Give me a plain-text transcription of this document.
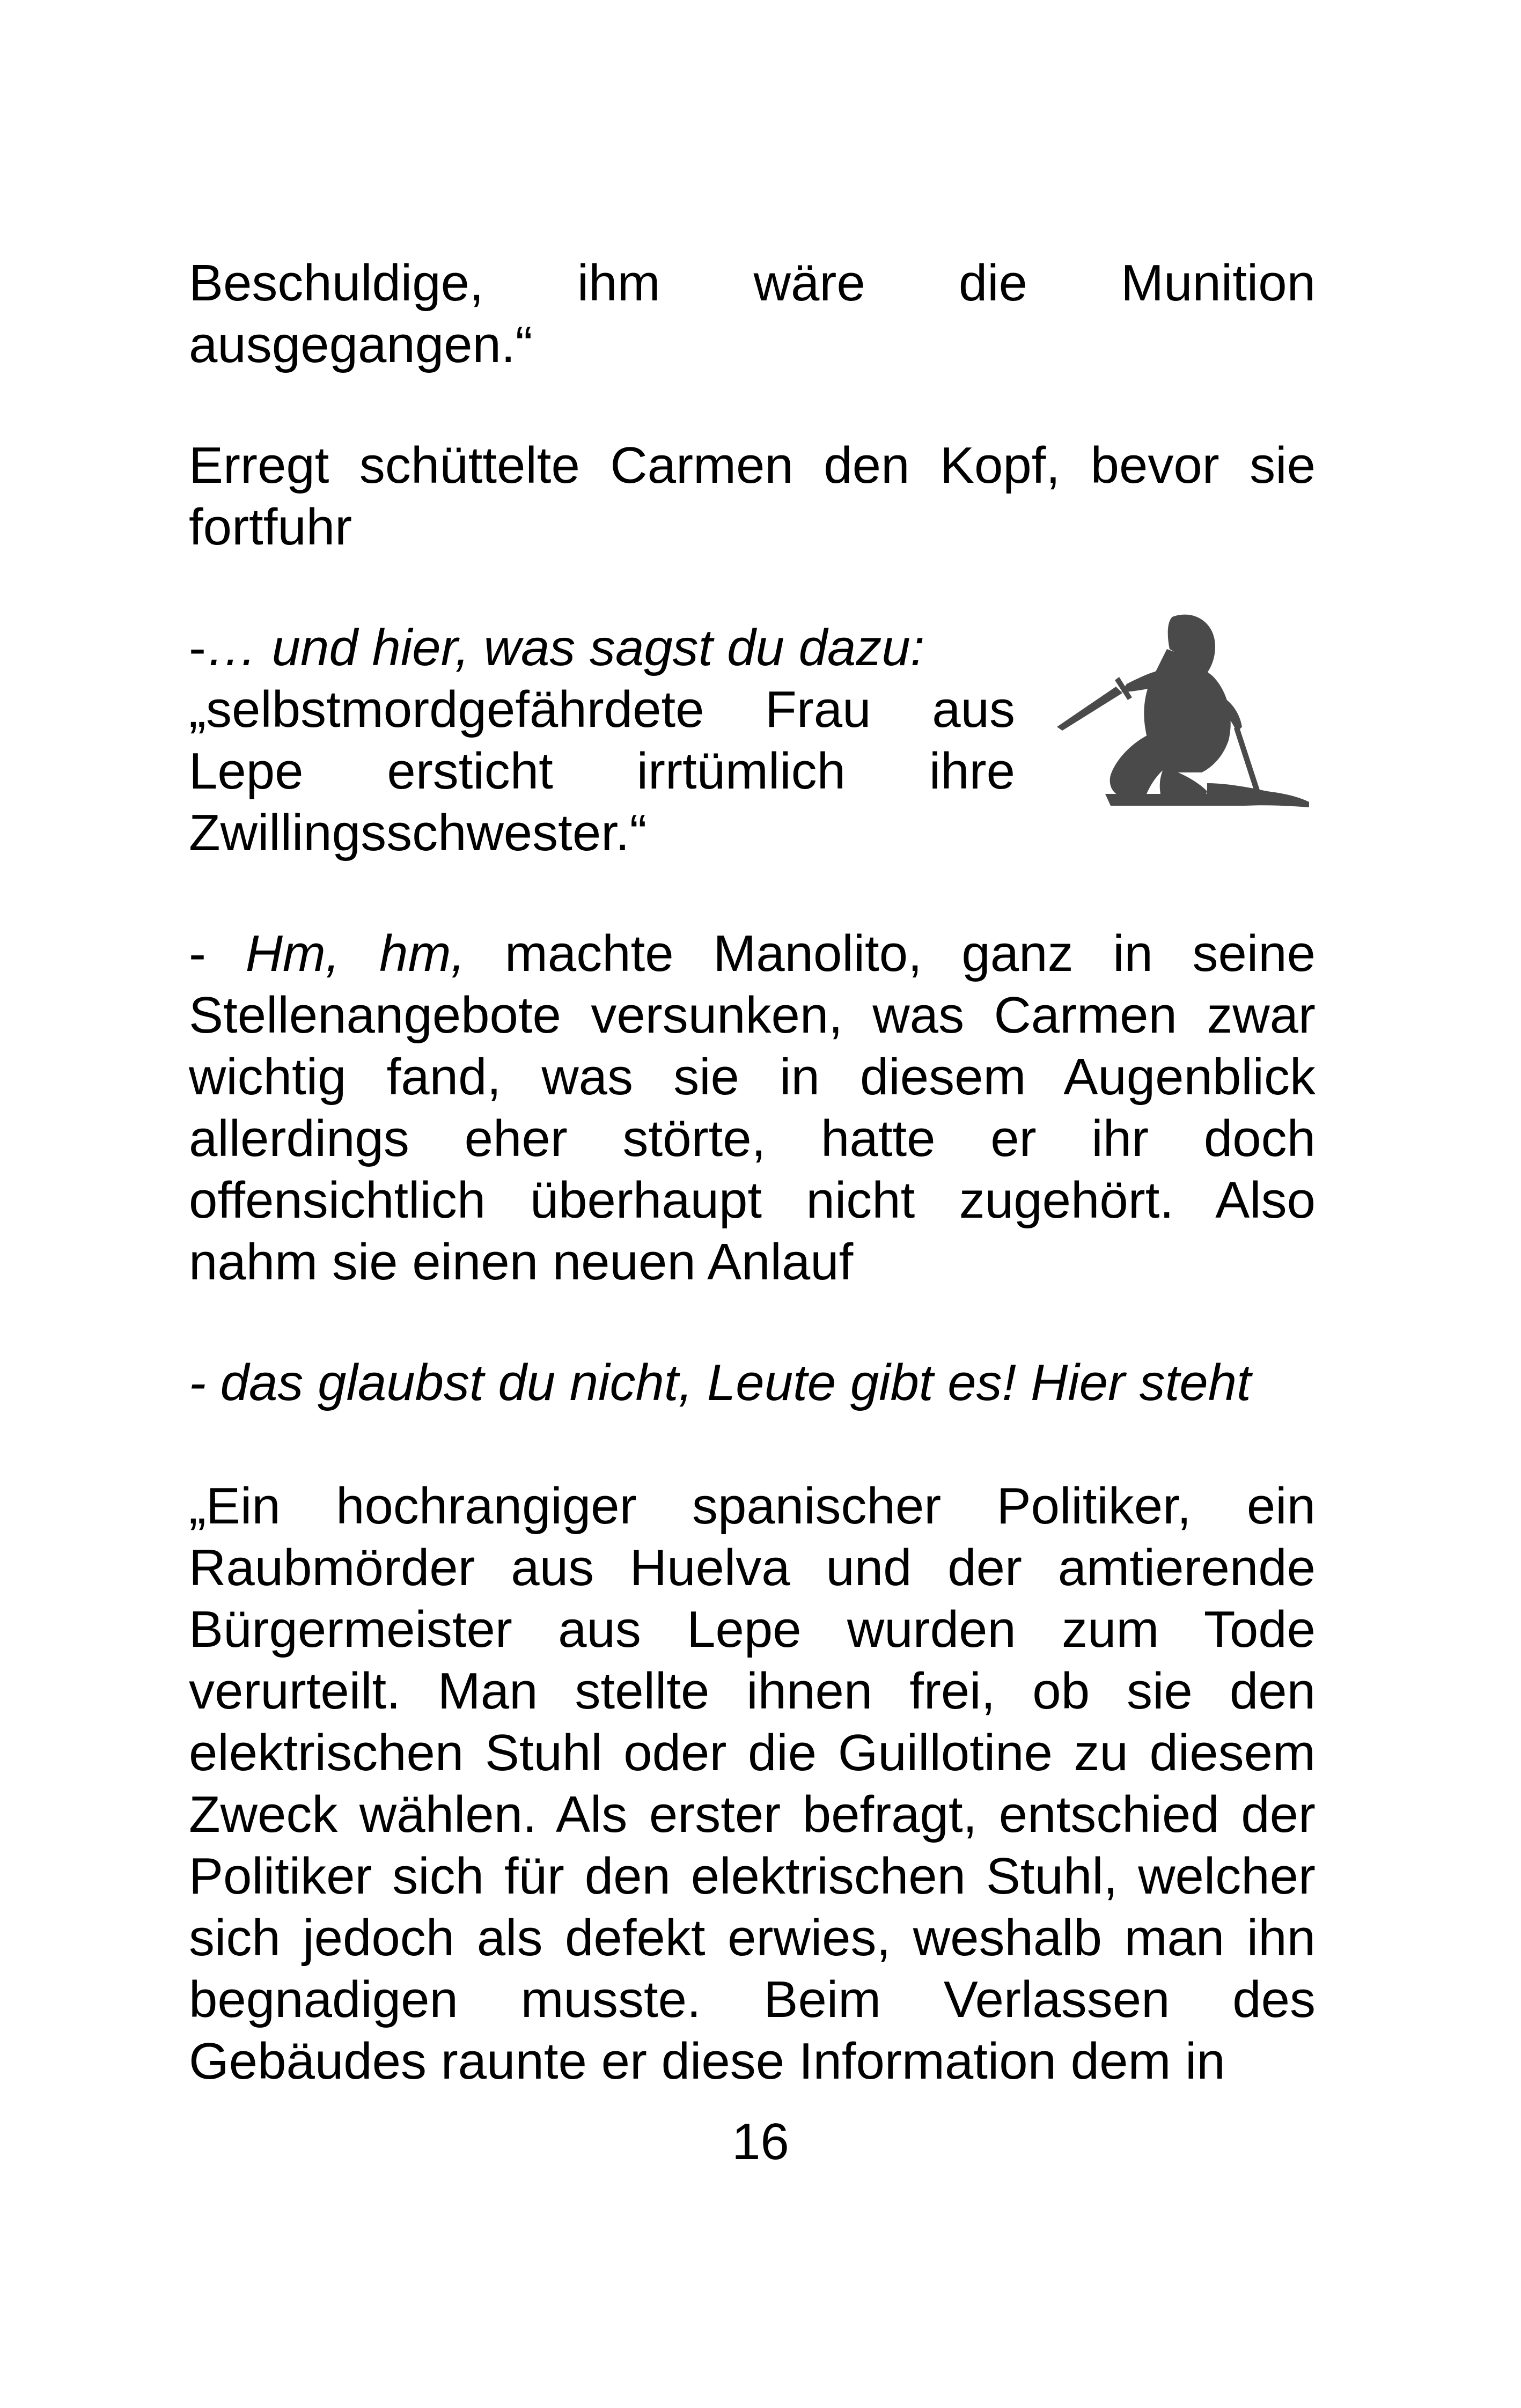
Beschuldige, ihm wäre die Munition ausgegangen.“

Erregt schüttelte Carmen den Kopf, bevor sie fortfuhr

-… und hier, was sagst du dazu:
„selbstmordgefährdete Frau aus Lepe ersticht irrtümlich ihre Zwillingsschwester.“

- Hm, hm, machte Manolito, ganz in seine Stellenangebote versunken, was Carmen zwar wichtig fand, was sie in diesem Augenblick allerdings eher störte, hatte er ihr doch offensichtlich überhaupt nicht zugehört. Also nahm sie einen neuen Anlauf

- das glaubst du nicht, Leute gibt es! Hier steht

„Ein hochrangiger spanischer Politiker, ein Raubmörder aus Huelva und der amtierende Bürgermeister aus Lepe wurden zum Tode verurteilt. Man stellte ihnen frei, ob sie den elektrischen Stuhl oder die Guillotine zu diesem Zweck wählen. Als erster befragt, entschied der Politiker sich für den elektrischen Stuhl, welcher sich jedoch als defekt erwies, weshalb man ihn begnadigen musste. Beim Verlassen des Gebäudes raunte er diese Information dem in

16
